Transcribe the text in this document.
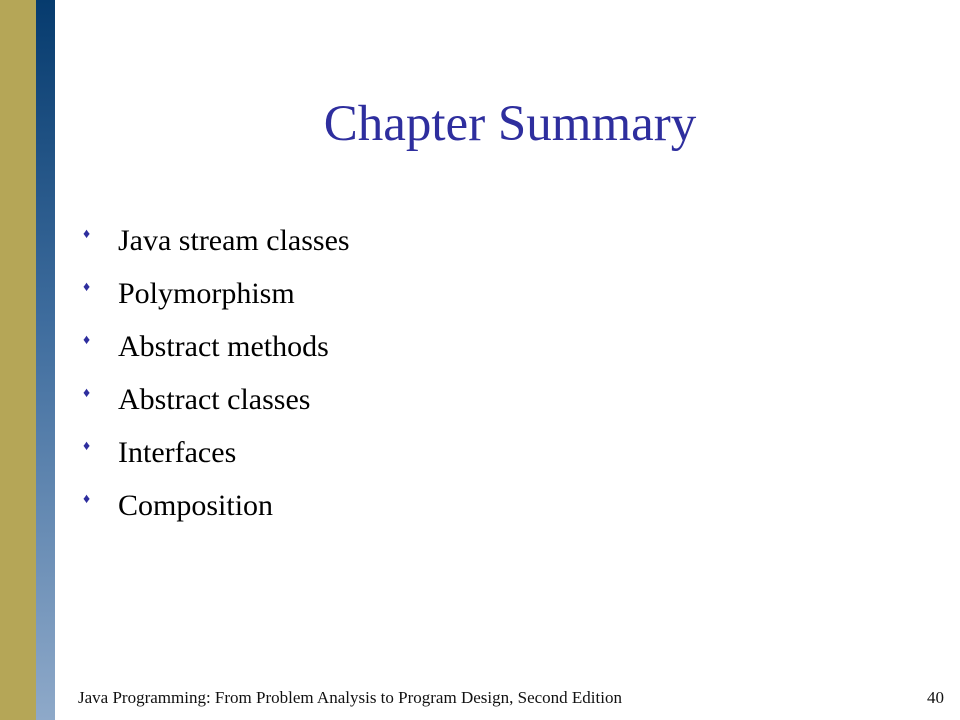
Chapter Summary
♦ Java stream classes
♦ Polymorphism
♦ Abstract methods
♦ Abstract classes
♦ Interfaces
♦ Composition
Java Programming: From Problem Analysis to Program Design, Second Edition	40
